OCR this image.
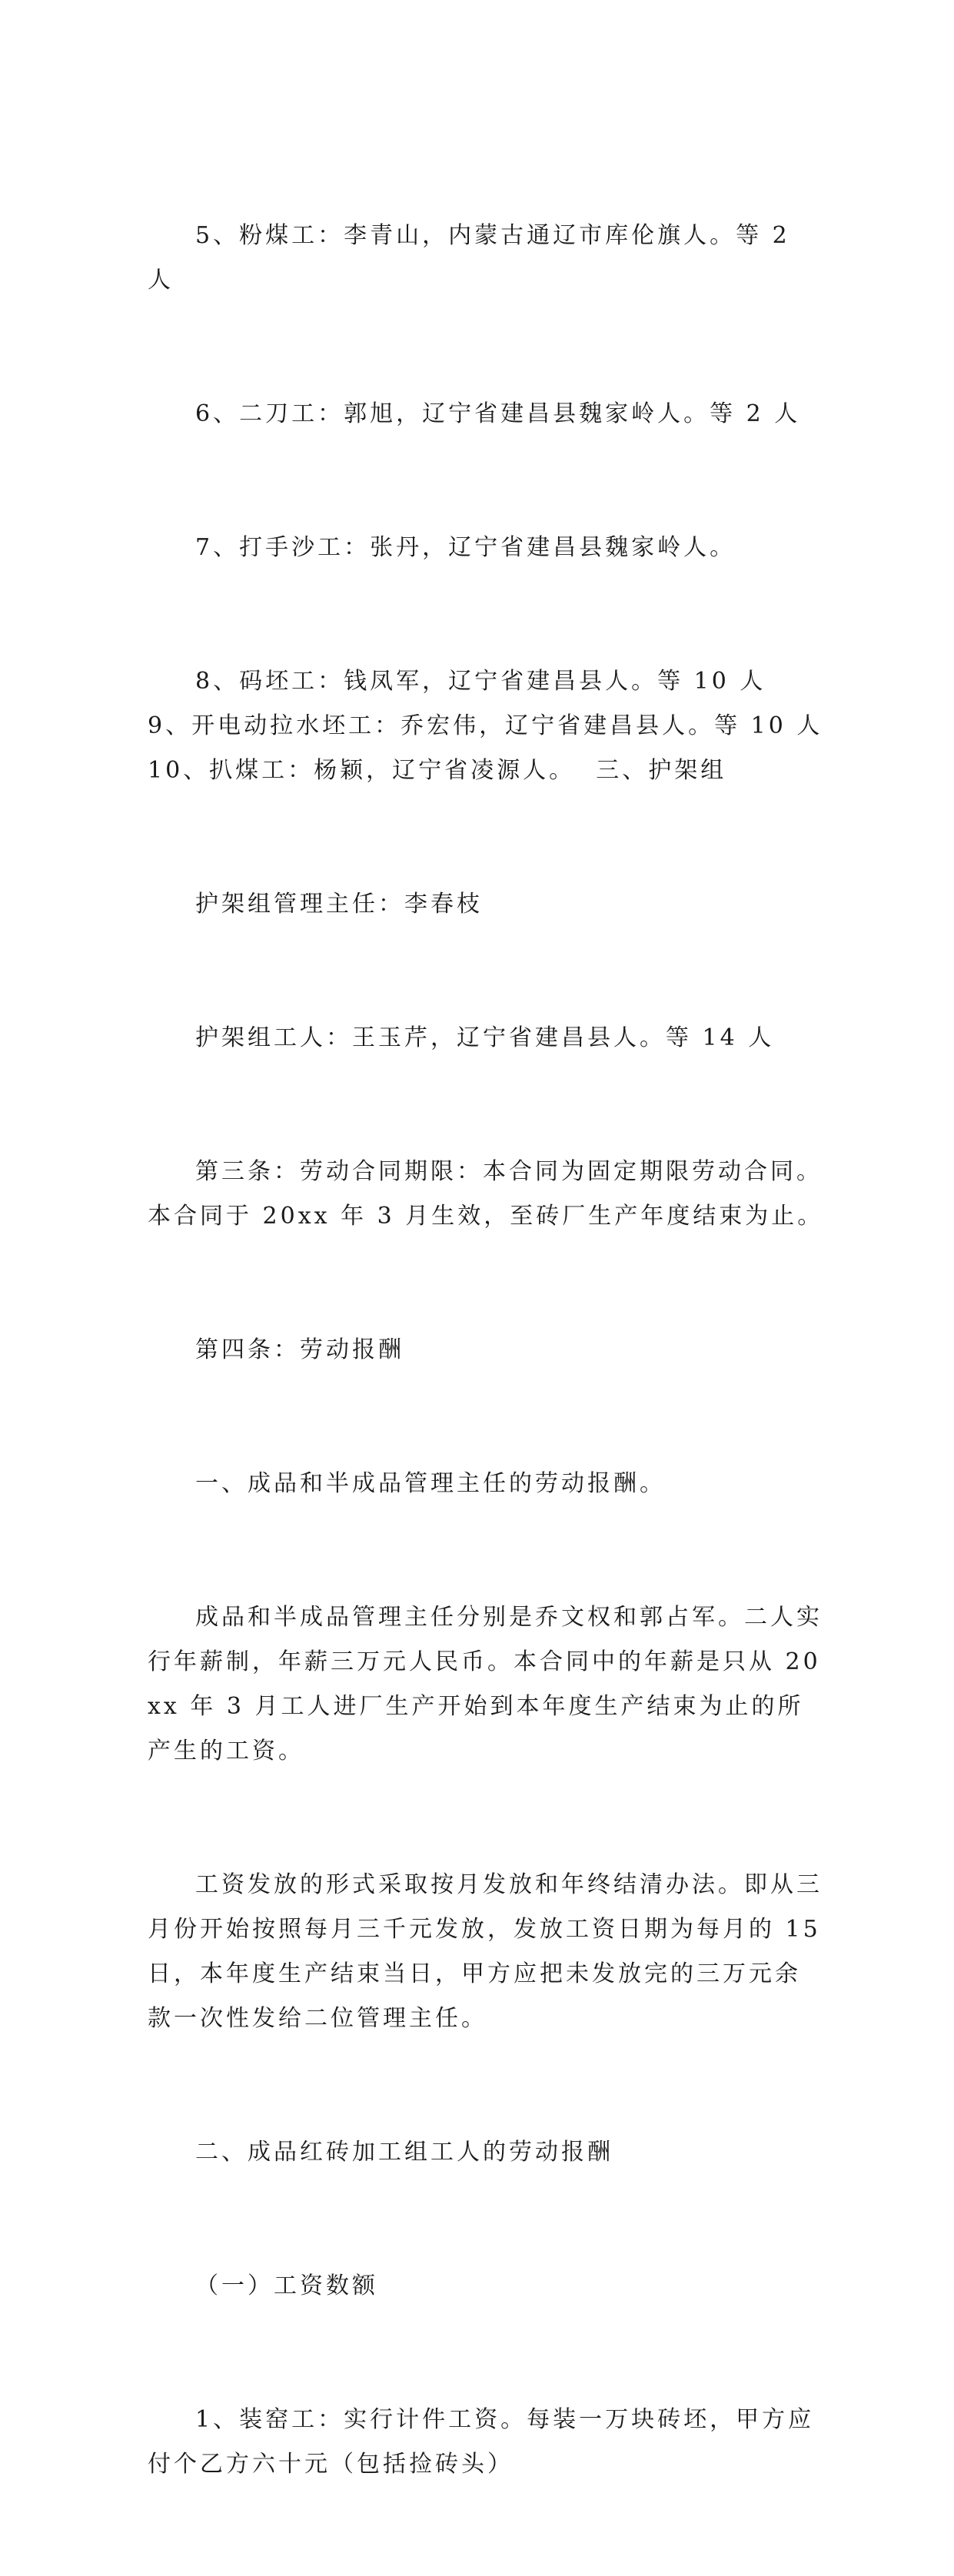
5、粉煤工：李青山，内蒙古通辽市库伦旗人。等 2 人

6、二刀工：郭旭，辽宁省建昌县魏家岭人。等 2 人

7、打手沙工：张丹，辽宁省建昌县魏家岭人。

8、码坯工：钱凤军，辽宁省建昌县人。等 10 人  9、开电动拉水坯工：乔宏伟，辽宁省建昌县人。等 10 人  10、扒煤工：杨颖，辽宁省凌源人。  三、护架组

护架组管理主任：李春枝

护架组工人：王玉芹，辽宁省建昌县人。等 14 人

第三条：劳动合同期限：本合同为固定期限劳动合同。本合同于 20xx 年 3 月生效，至砖厂生产年度结束为止。

第四条：劳动报酬

一、成品和半成品管理主任的劳动报酬。

成品和半成品管理主任分别是乔文权和郭占军。二人实行年薪制，年薪三万元人民币。本合同中的年薪是只从 20xx 年 3 月工人进厂生产开始到本年度生产结束为止的所产生的工资。

工资发放的形式采取按月发放和年终结清办法。即从三月份开始按照每月三千元发放，发放工资日期为每月的 15 日，本年度生产结束当日，甲方应把未发放完的三万元余款一次性发给二位管理主任。

二、成品红砖加工组工人的劳动报酬

（一）工资数额

1、装窑工：实行计件工资。每装一万块砖坯，甲方应付个乙方六十元（包括捡砖头）
